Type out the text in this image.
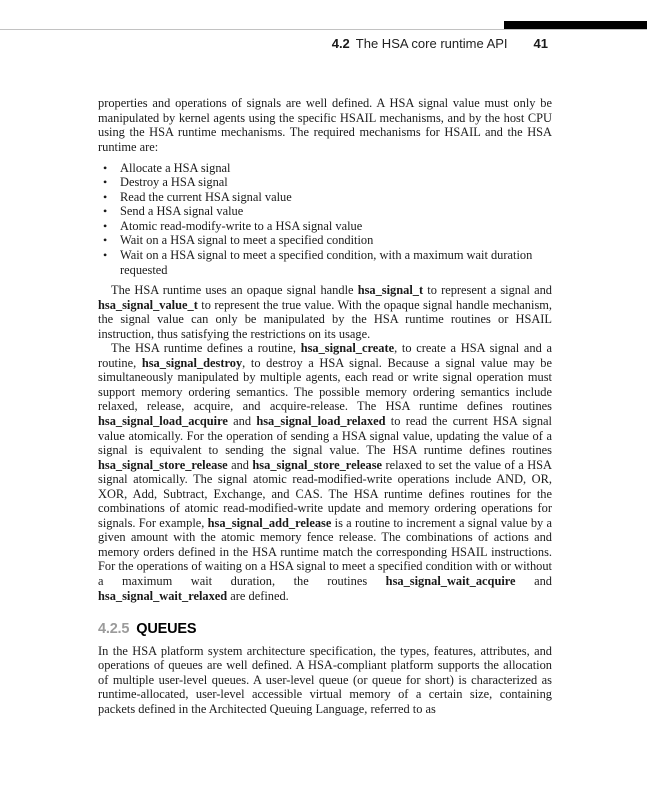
4.2 The HSA core runtime API 41

properties and operations of signals are well defined. A HSA signal value must only be manipulated by kernel agents using the specific HSAIL mechanisms, and by the host CPU using the HSA runtime mechanisms. The required mechanisms for HSAIL and the HSA runtime are:

• Allocate a HSA signal
• Destroy a HSA signal
• Read the current HSA signal value
• Send a HSA signal value
• Atomic read-modify-write to a HSA signal value
• Wait on a HSA signal to meet a specified condition
• Wait on a HSA signal to meet a specified condition, with a maximum wait duration requested

The HSA runtime uses an opaque signal handle hsa_signal_t to represent a signal and hsa_signal_value_t to represent the true value. With the opaque signal handle mechanism, the signal value can only be manipulated by the HSA runtime routines or HSAIL instruction, thus satisfying the restrictions on its usage.

The HSA runtime defines a routine, hsa_signal_create, to create a HSA signal and a routine, hsa_signal_destroy, to destroy a HSA signal. Because a signal value may be simultaneously manipulated by multiple agents, each read or write signal operation must support memory ordering semantics. The possible memory ordering semantics include relaxed, release, acquire, and acquire-release. The HSA runtime defines routines hsa_signal_load_acquire and hsa_signal_load_relaxed to read the current HSA signal value atomically. For the operation of sending a HSA signal value, updating the value of a signal is equivalent to sending the signal value. The HSA runtime defines routines hsa_signal_store_release and hsa_signal_store_release relaxed to set the value of a HSA signal atomically. The signal atomic read-modified-write operations include AND, OR, XOR, Add, Subtract, Exchange, and CAS. The HSA runtime defines routines for the combinations of atomic read-modified-write update and memory ordering operations for signals. For example, hsa_signal_add_release is a routine to increment a signal value by a given amount with the atomic memory fence release. The combinations of actions and memory orders defined in the HSA runtime match the corresponding HSAIL instructions. For the operations of waiting on a HSA signal to meet a specified condition with or without a maximum wait duration, the routines hsa_signal_wait_acquire and hsa_signal_wait_relaxed are defined.

4.2.5 QUEUES

In the HSA platform system architecture specification, the types, features, attributes, and operations of queues are well defined. A HSA-compliant platform supports the allocation of multiple user-level queues. A user-level queue (or queue for short) is characterized as runtime-allocated, user-level accessible virtual memory of a certain size, containing packets defined in the Architected Queuing Language, referred to as
